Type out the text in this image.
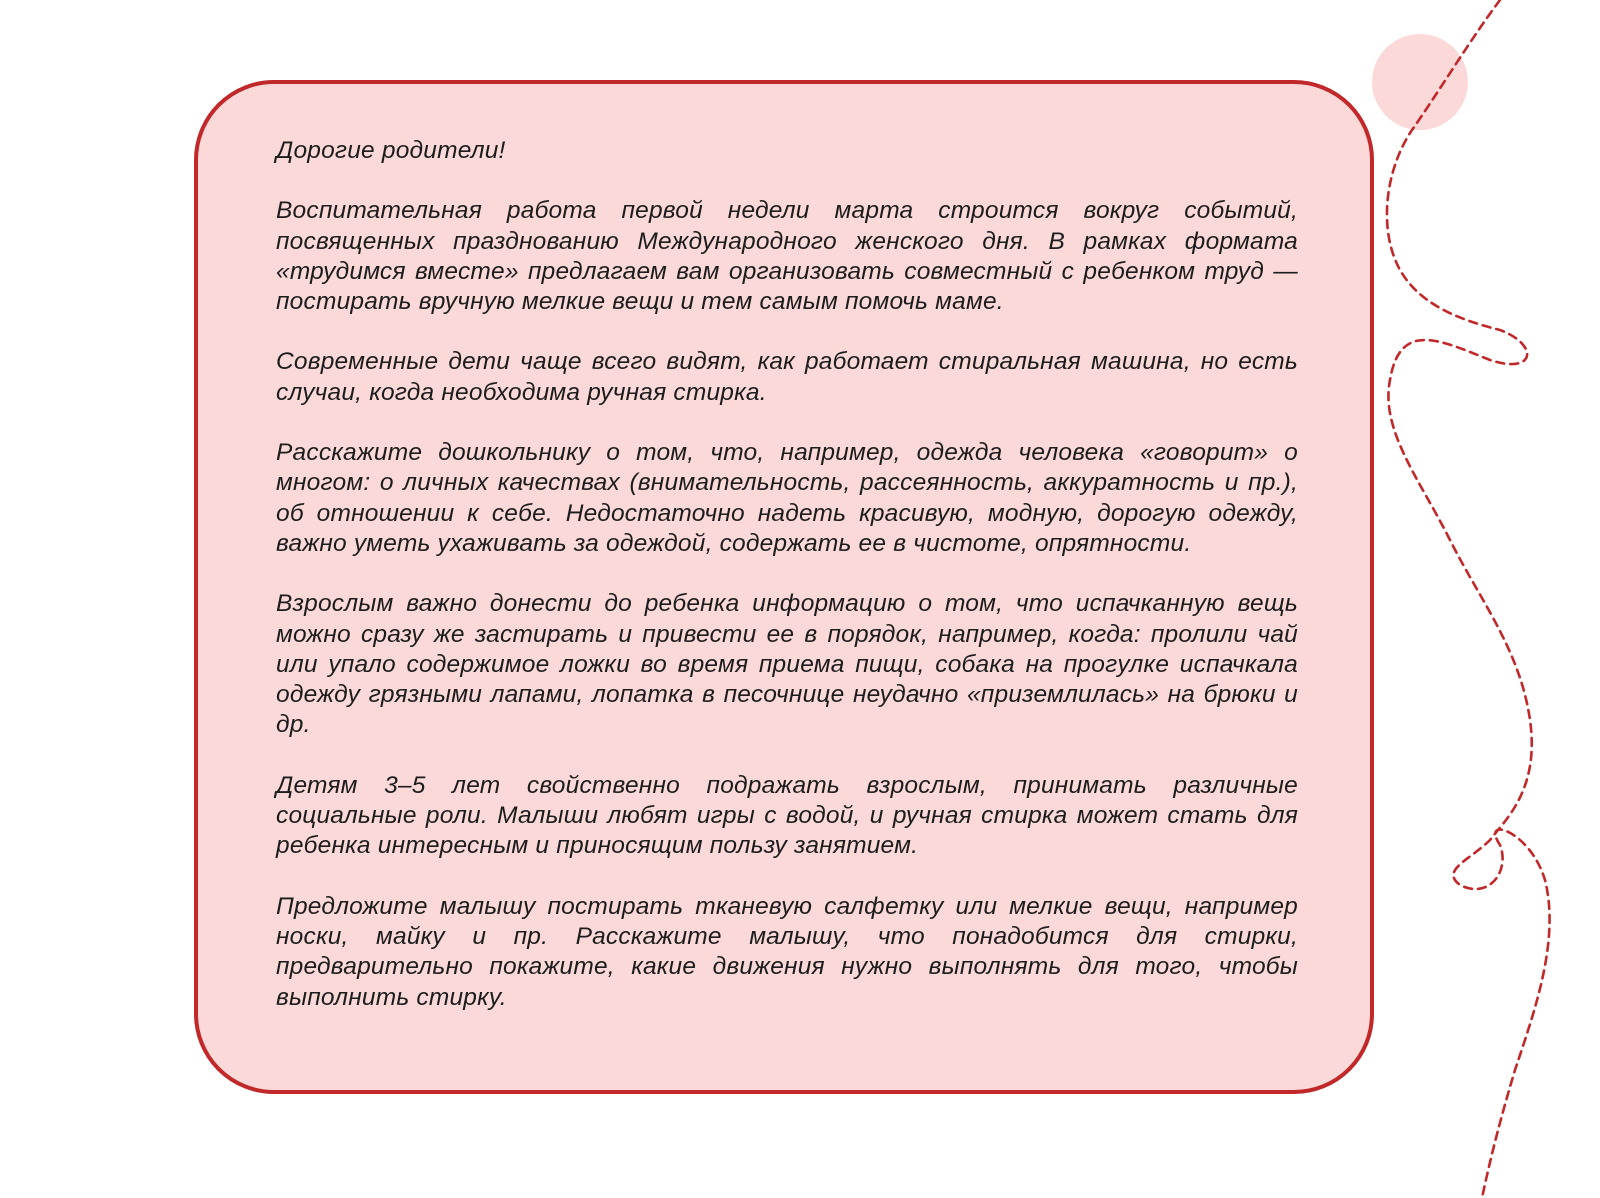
Дорогие родители!

Воспитательная работа первой недели марта строится вокруг событий, посвященных празднованию Международного женского дня. В рамках формата «трудимся вместе» предлагаем вам организовать совместный с ребенком труд — постирать вручную мелкие вещи и тем самым помочь маме.

Современные дети чаще всего видят, как работает стиральная машина, но есть случаи, когда необходима ручная стирка.

Расскажите дошкольнику о том, что, например, одежда человека «говорит» о многом: о личных качествах (внимательность, рассеянность, аккуратность и пр.), об отношении к себе. Недостаточно надеть красивую, модную, дорогую одежду, важно уметь ухаживать за одеждой, содержать ее в чистоте, опрятности.

Взрослым важно донести до ребенка информацию о том, что испачканную вещь можно сразу же застирать и привести ее в порядок, например, когда: пролили чай или упало содержимое ложки во время приема пищи, собака на прогулке испачкала одежду грязными лапами, лопатка в песочнице неудачно «приземлилась» на брюки и др.

Детям 3–5 лет свойственно подражать взрослым, принимать различные социальные роли. Малыши любят игры с водой, и ручная стирка может стать для ребенка интересным и приносящим пользу занятием.

Предложите малышу постирать тканевую салфетку или мелкие вещи, например носки, майку и пр. Расскажите малышу, что понадобится для стирки, предварительно покажите, какие движения нужно выполнять для того, чтобы выполнить стирку.
